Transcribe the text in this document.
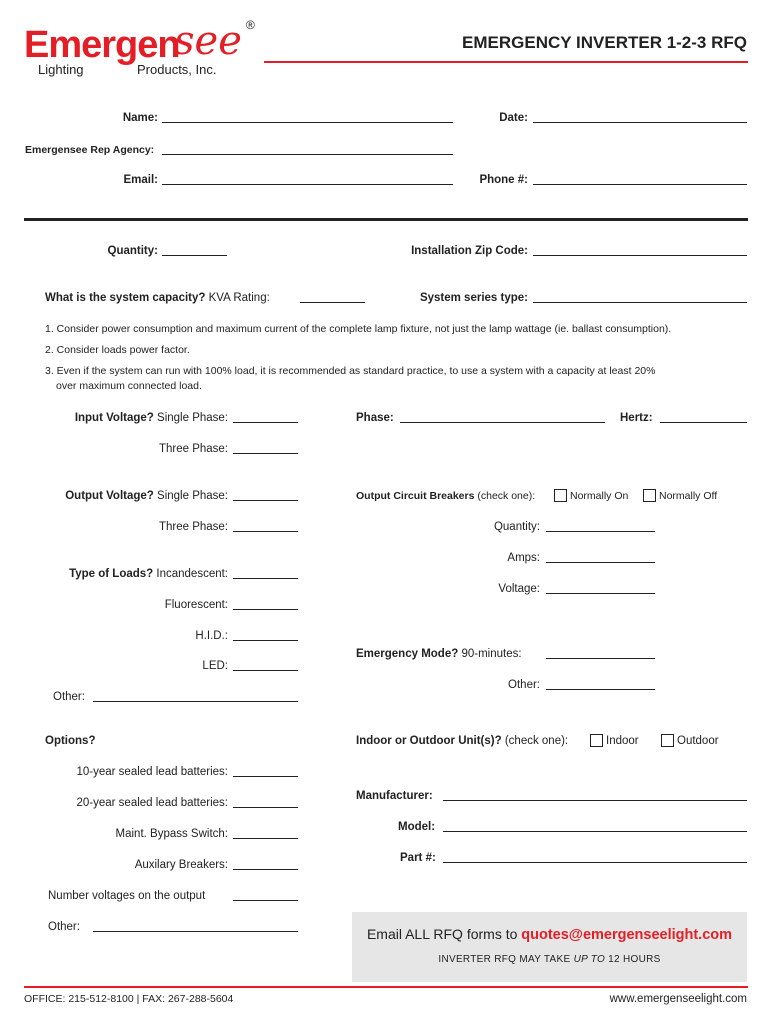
Emergen
see ®
Lighting	Products, Inc.
EMERGENCY INVERTER 1-2-3 RFQ
Name:	Date:
Emergensee Rep Agency:
Email:	Phone #:
Quantity:	Installation Zip Code:
What is the system capacity? KVA Rating:	System series type:
1. Consider power consumption and maximum current of the complete lamp fixture, not just the lamp wattage (ie. ballast consumption).
2. Consider loads power factor.
3. Even if the system can run with 100% load, it is recommended as standard practice, to use a system with a capacity at least 20%
over maximum connected load.
Input Voltage? Single Phase:
Three Phase:
Phase:	Hertz:
Output Voltage? Single Phase:
Three Phase:
Output Circuit Breakers (check one):	Normally On	Normally Off
Quantity:
Amps:
Voltage:
Type of Loads? Incandescent:
Fluorescent:
H.I.D.:
LED:
Other:
Emergency Mode? 90-minutes:
Other:
Options?
10-year sealed lead batteries:
20-year sealed lead batteries:
Maint. Bypass Switch:
Auxilary Breakers:
Number voltages on the output
Other:
Indoor or Outdoor Unit(s)? (check one):	Indoor	Outdoor
Manufacturer:
Model:
Part #:
Email ALL RFQ forms to quotes@emergenseelight.com
INVERTER RFQ MAY TAKE UP TO 12 HOURS
OFFICE: 215-512-8100 | FAX: 267-288-5604	www.emergenseelight.com
